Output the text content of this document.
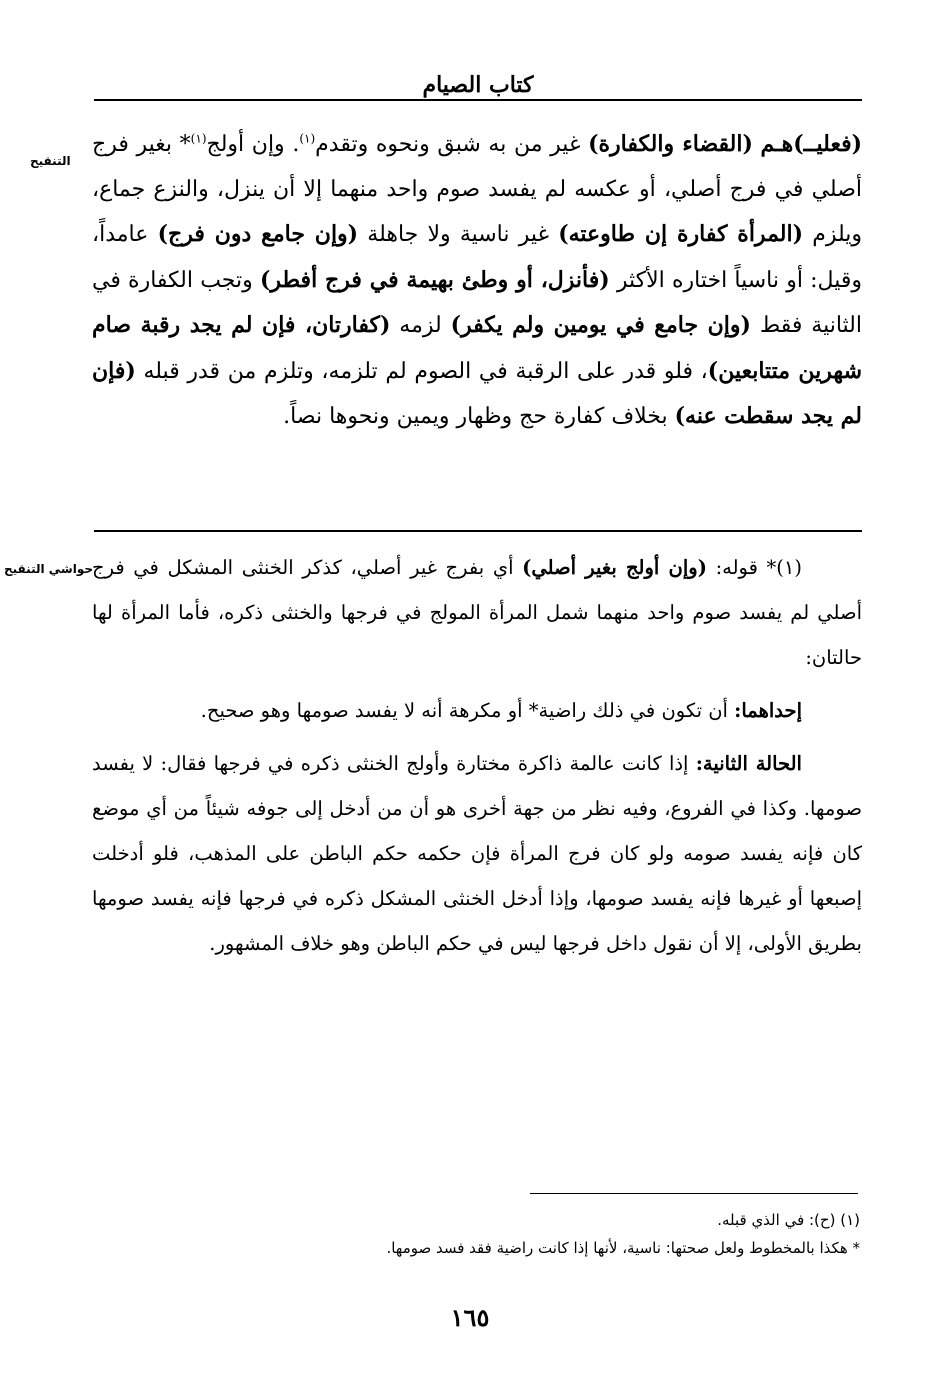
كتاب الصيام
التنقيح
حواشي التنقيح
(فعليــ)هـم (القضاء والكفارة) غير من به شبق ونحوه وتقدم$^{(١)}$. وإن أولج$^{(١)}$* بغير فرج أصلي في فرج أصلي، أو عكسه لم يفسد صوم واحد منهما إلا أن ينزل، والنزع جماع، ويلزم (المرأة كفارة إن طاوعته) غير ناسية ولا جاهلة (وإن جامع دون فرج) عامداً، وقيل: أو ناسياً اختاره الأكثر (فأنزل، أو وطئ بهيمة في فرج أفطر) وتجب الكفارة في الثانية فقط (وإن جامع في يومين ولم يكفر) لزمه (كفارتان، فإن لم يجد رقبة صام شهرين متتابعين)، فلو قدر على الرقبة في الصوم لم تلزمه، وتلزم من قدر قبله (فإن لم يجد سقطت عنه) بخلاف كفارة حج وظهار ويمين ونحوها نصاً.

(١)* قوله: (وإن أولج بغير أصلي) أي بفرج غير أصلي، كذكر الخنثى المشكل في فرج أصلي لم يفسد صوم واحد منهما شمل المرأة المولج في فرجها والخنثى ذكره، فأما المرأة لها حالتان:

إحداهما: أن تكون في ذلك راضية* أو مكرهة أنه لا يفسد صومها وهو صحيح.

الحالة الثانية: إذا كانت عالمة ذاكرة مختارة وأولج الخنثى ذكره في فرجها فقال: لا يفسد صومها. وكذا في الفروع، وفيه نظر من جهة أخرى هو أن من أدخل إلى جوفه شيئاً من أي موضع كان فإنه يفسد صومه ولو كان فرج المرأة فإن حكمه حكم الباطن على المذهب، فلو أدخلت إصبعها أو غيرها فإنه يفسد صومها، وإذا أدخل الخنثى المشكل ذكره في فرجها فإنه يفسد صومها بطريق الأولى، إلا أن نقول داخل فرجها ليس في حكم الباطن وهو خلاف المشهور.

(١) (ح): في الذي قبله.

* هكذا بالمخطوط ولعل صحتها: ناسية، لأنها إذا كانت راضية فقد فسد صومها.

١٦٥
